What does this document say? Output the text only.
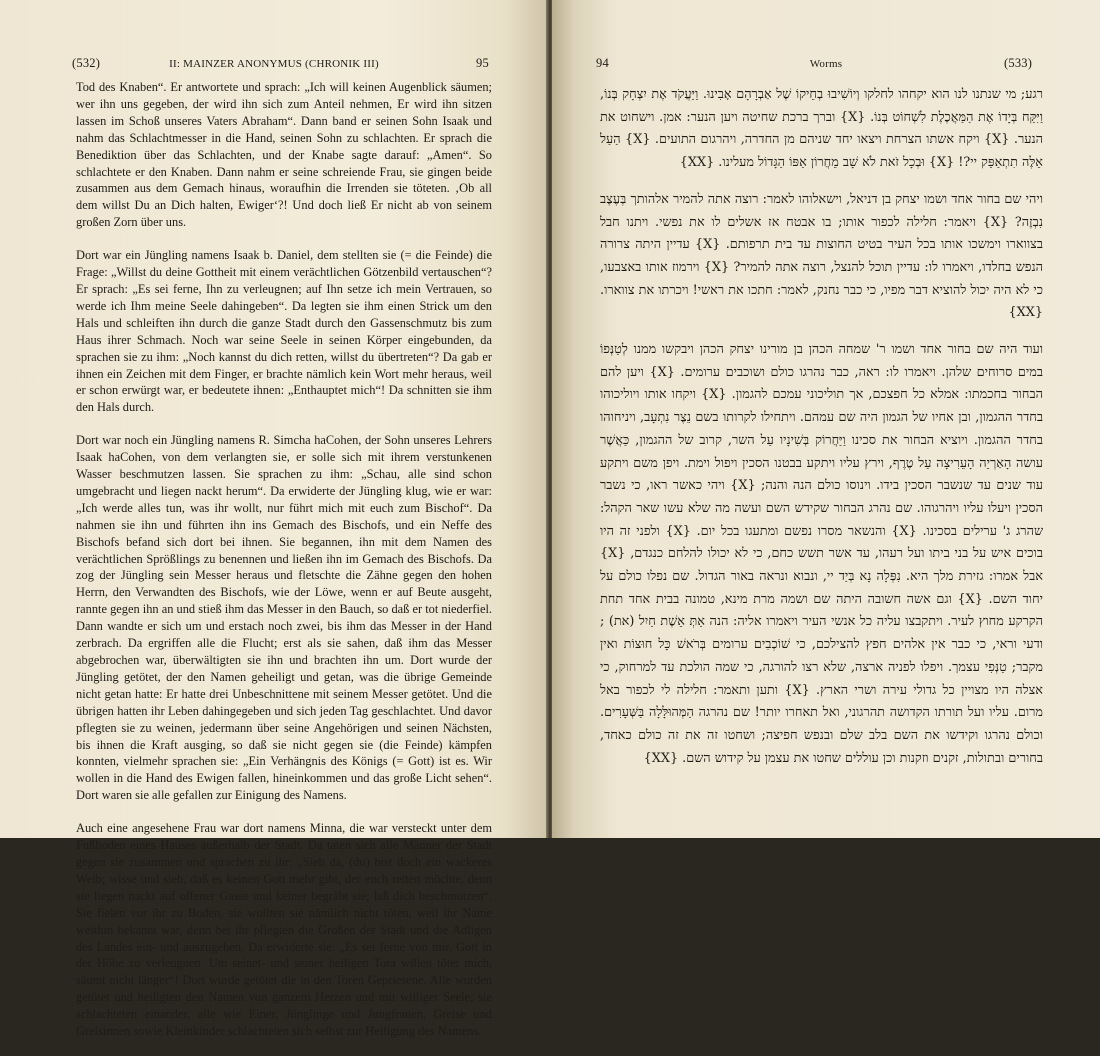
(532)	II: MAINZER ANONYMUS (CHRONIK III)	95

Tod des Knaben“. Er antwortete und sprach: „Ich will keinen Augenblick säumen; wer ihn uns gegeben, der wird ihn sich zum Anteil nehmen, Er wird ihn sitzen lassen im Schoß unseres Vaters Abraham“. Dann band er seinen Sohn Isaak und nahm das Schlachtmesser in die Hand, seinen Sohn zu schlachten. Er sprach die Benediktion über das Schlachten, und der Knabe sagte darauf: „Amen“. So schlachtete er den Knaben. Dann nahm er seine schreiende Frau, sie gingen beide zusammen aus dem Gemach hinaus, woraufhin die Irrenden sie töteten. ‚Ob all dem willst Du an Dich halten, Ewiger‘?! Und doch ließ Er nicht ab von seinem großen Zorn über uns.

Dort war ein Jüngling namens Isaak b. Daniel, dem stellten sie (= die Feinde) die Frage: „Willst du deine Gottheit mit einem verächtlichen Götzenbild vertauschen“? Er sprach: „Es sei ferne, Ihn zu verleugnen; auf Ihn setze ich mein Vertrauen, so werde ich Ihm meine Seele dahingeben“. Da legten sie ihm einen Strick um den Hals und schleiften ihn durch die ganze Stadt durch den Gassenschmutz bis zum Haus ihrer Schmach. Noch war seine Seele in seinen Körper eingebunden, da sprachen sie zu ihm: „Noch kannst du dich retten, willst du übertreten“? Da gab er ihnen ein Zeichen mit dem Finger, er brachte nämlich kein Wort mehr heraus, weil er schon erwürgt war, er bedeutete ihnen: „Enthauptet mich“! Da schnitten sie ihm den Hals durch.

Dort war noch ein Jüngling namens R. Simcha haCohen, der Sohn unseres Lehrers Isaak haCohen, von dem verlangten sie, er solle sich mit ihrem verstunkenen Wasser beschmutzen lassen. Sie sprachen zu ihm: „Schau, alle sind schon umgebracht und liegen nackt herum“. Da erwiderte der Jüngling klug, wie er war: „Ich werde alles tun, was ihr wollt, nur führt mich mit euch zum Bischof“. Da nahmen sie ihn und führten ihn ins Gemach des Bischofs, und ein Neffe des Bischofs befand sich dort bei ihnen. Sie begannen, ihn mit dem Namen des verächtlichen Sprößlings zu benennen und ließen ihn im Gemach des Bischofs. Da zog der Jüngling sein Messer heraus und fletschte die Zähne gegen den hohen Herrn, den Verwandten des Bischofs, wie der Löwe, wenn er auf Beute ausgeht, rannte gegen ihn an und stieß ihm das Messer in den Bauch, so daß er tot niederfiel. Dann wandte er sich um und erstach noch zwei, bis ihm das Messer in der Hand zerbrach. Da ergriffen alle die Flucht; erst als sie sahen, daß ihm das Messer abgebrochen war, überwältigten sie ihn und brachten ihn um. Dort wurde der Jüngling getötet, der den Namen geheiligt und getan, was die übrige Gemeinde nicht getan hatte: Er hatte drei Unbeschnittene mit seinem Messer getötet. Und die übrigen hatten ihr Leben dahingegeben und sich jeden Tag geschlachtet. Und davor pflegten sie zu weinen, jedermann über seine Angehörigen und seinen Nächsten, bis ihnen die Kraft ausging, so daß sie nicht gegen sie (die Feinde) kämpfen konnten, vielmehr sprachen sie: „Ein Verhängnis des Königs (= Gott) ist es. Wir wollen in die Hand des Ewigen fallen, hineinkommen und das große Licht sehen“. Dort waren sie alle gefallen zur Einigung des Namens.

Auch eine angesehene Frau war dort namens Minna, die war versteckt unter dem Fußboden eines Hauses außerhalb der Stadt. Da taten sich alle Männer der Stadt gegen sie zusammen und sprachen zu ihr: „Sieh da, (du) bist doch ein wackeres Weib; wisse und sieh, daß es keinen Gott mehr gibt, der euch retten möchte, denn sie liegen nackt auf offener Gasse und keiner begräbt sie; laß dich beschmutzen“. Sie fielen vor ihr zu Boden, sie wollten sie nämlich nicht töten, weil ihr Name weithin bekannt war, denn bei ihr pflegten die Großen der Stadt und die Adligen des Landes ein- und auszugehen. Da erwiderte sie: „Es sei ferne von mir, Gott in der Höhe zu verleugnen. Um seinet- und seiner heiligen Tora willen tötet mich, säumt nicht länger“! Dort wurde getötet die in den Toren Gepriesene. Alle wurden getötet und heiligten den Namen von ganzem Herzen und mit williger Seele; sie schlachteten einander, alle wie Einer, Jünglinge und Jungfrauen, Greise und Greisinnen sowie Kleinkinder schlachteten sich selbst zur Heiligung des Namens.

94	Worms	(533)

רגע; מי שנתנו לנו הוא יקחהו לחלקו וְיוֹשִׁיבוּ בְחֵיקוֹ שֶׁל אַבְרָהָם אָבִינוּ. וַיַּעֲקֹד אֶת יִצְחָק בְּנוֹ, וַיִּקַּח בְּיָדוֹ אֶת הַמַּאֲכֶלֶת לִשְׁחוֹט בְּנוֹ. {X} וברך ברכת שחיטה ויען הנער: אמן. וישחוט את הנער. {X} ויקח אשתו הצרחת ויצאו יחד שניהם מן החדרה, ויהרגום התועים. {X} הַעַל אֵלֶּה תִתְאַפַּק יי?! {X} וּבְכָל זֹאת לֹא שָׁב מֵחֲרוֹן אַפּוֹ הַגָּדוֹל מעלינו. {XX}

ויהי שם בחור אחד ושמו יצחק בן דניאל, וישאלוהו לאמר: רוצה אתה להמיר אלהותך בְּעֶצֶב נִבְזֶה? {X} ויאמר: חלילה לכפור אותו; בו אבטח אז אשלים לו את נפשי. ויתנו חבל בצווארו וימשכו אותו בכל העיר בטיט החוצות עד בית תרפותם. {X} עדיין היתה צרורה הנפש בחלדו, ויאמרו לו: עדיין תוכל להנצל, רוצה אתה להמיר? {X} וירמוז אותו באצבעו, כי לא היה יכול להוציא דבר מפיו, כי כבר נחנק, לאמר: חתכו את ראשי! ויכרתו את צווארו. {XX}

ועוד היה שם בחור אחד ושמו ר' שמחה הכהן בן מורינו יצחק הכהן ויבקשו ממנו לְטַנְּפוֹ במים סרוחים שלהן. ויאמרו לו: ראה, כבר נהרגו כולם ושוכבים ערומים. {X} ויען להם הבחור בחכמתו: אמלא כל חפצכם, אך תוליכוני עמכם להגמון. {X} ויקחו אותו ויוליכוהו בחדר ההגמון, ובן אחיו של הגמון היה שם עמהם. ויתחילו לקרותו בשם נֵצֶר נִתְעָב, ויניחוהו בחדר ההגמון. ויוציא הבחור את סכינו וַיַּחֲרוֹק בְּשִׁינָיו עַל השר, קרוב של ההגמון, כַּאֲשֶׁר עושה הָאַרְיֵה הָעֵרִיצָה עַל טֶרֶף, וירץ עליו ויתקע בבטנו הסכין ויפול וימת. ויפן משם ויתקע עוד שנים עד שנשבר הסכין בידו. וינוסו כולם הנה והנה; {X} ויהי כאשר ראו, כי נשבר הסכין ויעלו עליו ויהרגוהו. שם נהרג הבחור שקידש השם ועשה מה שלא עשו שאר הקהל: שהרג ג' ערילים בסכינו. {X} והנשאר מסרו נפשם ומתעגו בכל יום. {X} ולפני זה היו בוכים איש על בני ביתו ועל רעהו, עד אשר תשש כחם, כי לא יכולו להלחם כנגדם, {X} אבל אמרו: גזירת מלך היא. נִפְּלָה נָא בְּיַד יי, ונבוא ונראה באור הגדול. שם נפלו כולם על יחוד השם. {X} וגם אשה חשובה היתה שם ושמה מרת מינא, טמונה בבית אחד תחת הקרקע מחוץ לעיר. ויתקבצו עליה כל אנשי העיר ויאמרו אליה: הנה אַתְּ אֵשֶׁת חַיִל (את) ; ודעי וראי, כי כבר אין אלהים חפץ להצילכם, כי שׁוֹכְבִים ערומים בְּרֹאשׁ כָּל חוּצוֹת ואין מקבר; טַנְּפִי עצמך. ויפלו לפניה ארצה, שלא רצו להורגה, כי שמה הולכת עד למרחוק, כי אצלה היו מצויין כל גדולי עירה ושרי הארץ. {X} ותען ותאמר: חלילה לי לכפור באל מרום. עליו ועל תורתו הקדושה תהרגוני, ואל תאחרו יותר! שם נהרגה הַמְּהוּלָּלָה בַּשְּׁעָרִים. וכולם נהרגו וקידשו את השם בלב שלם ובנפש חפיצה; ושחטו זה את זה כולם כאחד, בחורים ובתולות, זקנים וזקנות וכן עוללים שחטו את עצמן על קידוש השם. {XX}
